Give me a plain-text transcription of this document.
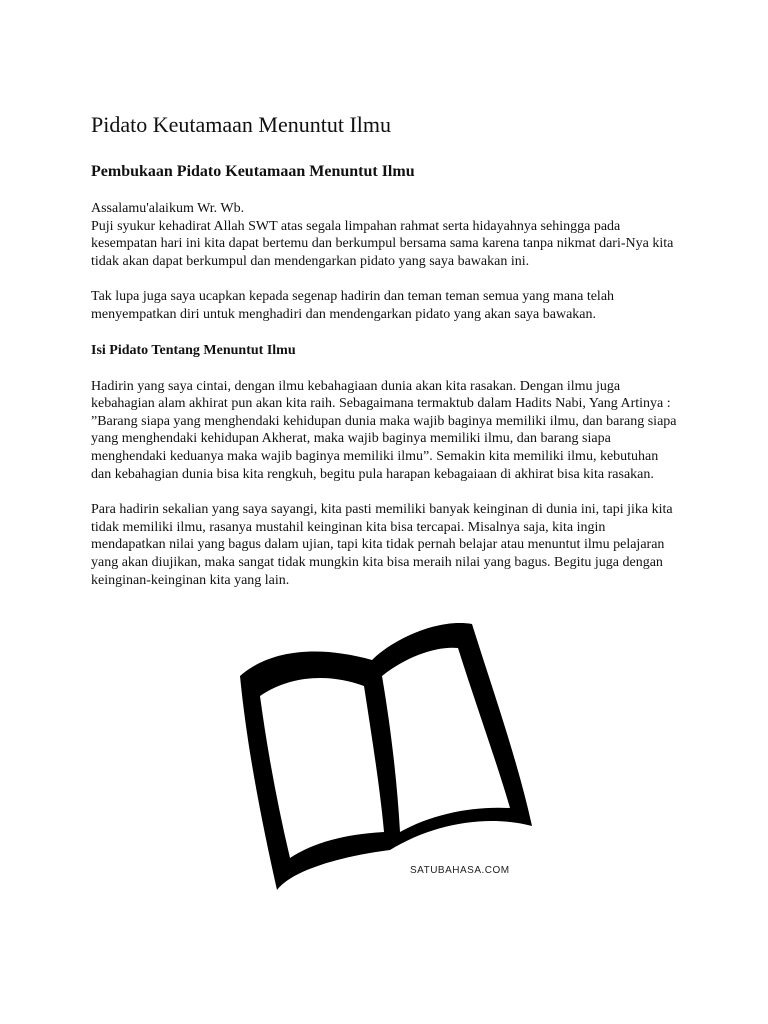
Pidato Keutamaan Menuntut Ilmu
Pembukaan Pidato Keutamaan Menuntut Ilmu

Assalamu'alaikum Wr. Wb.

Puji syukur kehadirat Allah SWT atas segala limpahan rahmat serta hidayahnya sehingga pada kesempatan hari ini kita dapat bertemu dan berkumpul bersama sama karena tanpa nikmat dari-Nya kita tidak akan dapat berkumpul dan mendengarkan pidato yang saya bawakan ini.

Tak lupa juga saya ucapkan kepada segenap hadirin dan teman teman semua yang mana telah menyempatkan diri untuk menghadiri dan mendengarkan pidato yang akan saya bawakan.

Isi Pidato Tentang Menuntut Ilmu

Hadirin yang saya cintai, dengan ilmu kebahagiaan dunia akan kita rasakan. Dengan ilmu juga kebahagian alam akhirat pun akan kita raih. Sebagaimana termaktub dalam Hadits Nabi, Yang Artinya : ”Barang siapa yang menghendaki kehidupan dunia maka wajib baginya memiliki ilmu, dan barang siapa yang menghendaki kehidupan Akherat, maka wajib baginya memiliki ilmu, dan barang siapa menghendaki keduanya maka wajib baginya memiliki ilmu”. Semakin kita memiliki ilmu, kebutuhan dan kebahagian dunia bisa kita rengkuh, begitu pula harapan kebagaiaan di akhirat bisa kita rasakan.

Para hadirin sekalian yang saya sayangi, kita pasti memiliki banyak keinginan di dunia ini, tapi jika kita tidak memiliki ilmu, rasanya mustahil keinginan kita bisa tercapai. Misalnya saja, kita ingin mendapatkan nilai yang bagus dalam ujian, tapi kita tidak pernah belajar atau menuntut ilmu pelajaran yang akan diujikan, maka sangat tidak mungkin kita bisa meraih nilai yang bagus. Begitu juga dengan keinginan-keinginan kita yang lain.

SATUBAHASA.COM
